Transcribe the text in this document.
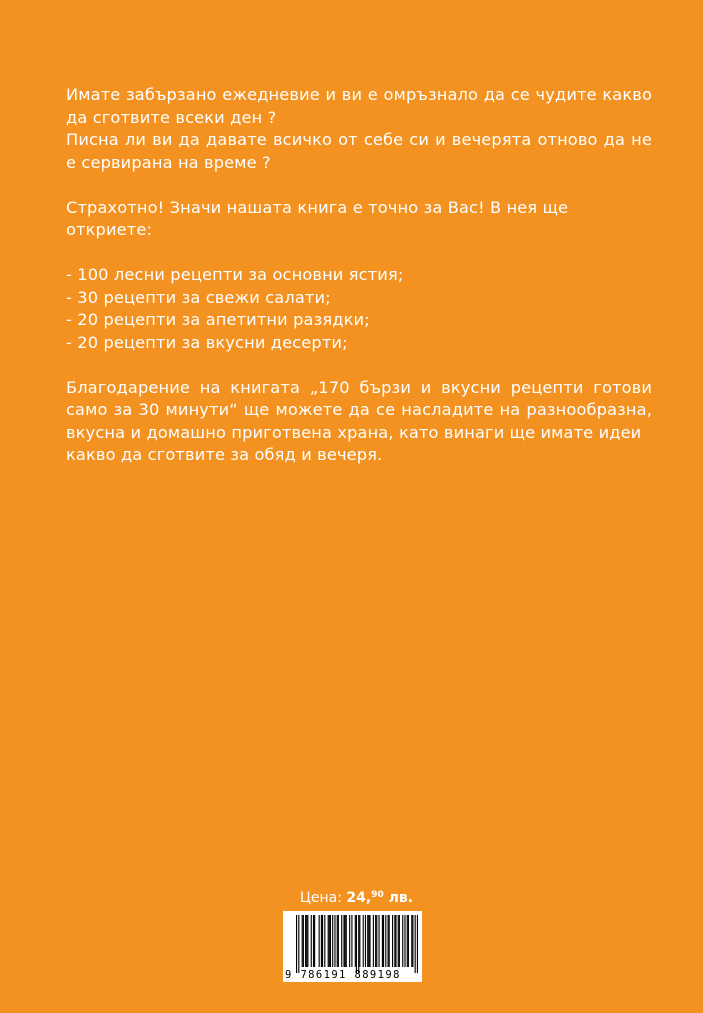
Имате забързано ежедневие и ви е омръзнало да се чудите какво да сготвите всеки ден ?

Писна ли ви да давате всичко от себе си и вечерята отново да не е сервирана на време ?

Страхотно! Значи нашата книга е точно за Вас! В нея ще откриете:

- 100 лесни рецепти за основни ястия;

- 30 рецепти за свежи салати;

- 20 рецепти за апетитни разядки;

- 20 рецепти за вкусни десерти;

Благодарение на книгата „170 бързи и вкусни рецепти готови само за 30 минути“ ще можете да се насладите на разнообразна, вкусна и домашно приготвена храна, като винаги ще имате идеи

какво да сготвите за обяд и вечеря.

Цена: 24,90 лв.
9 786191 889198
